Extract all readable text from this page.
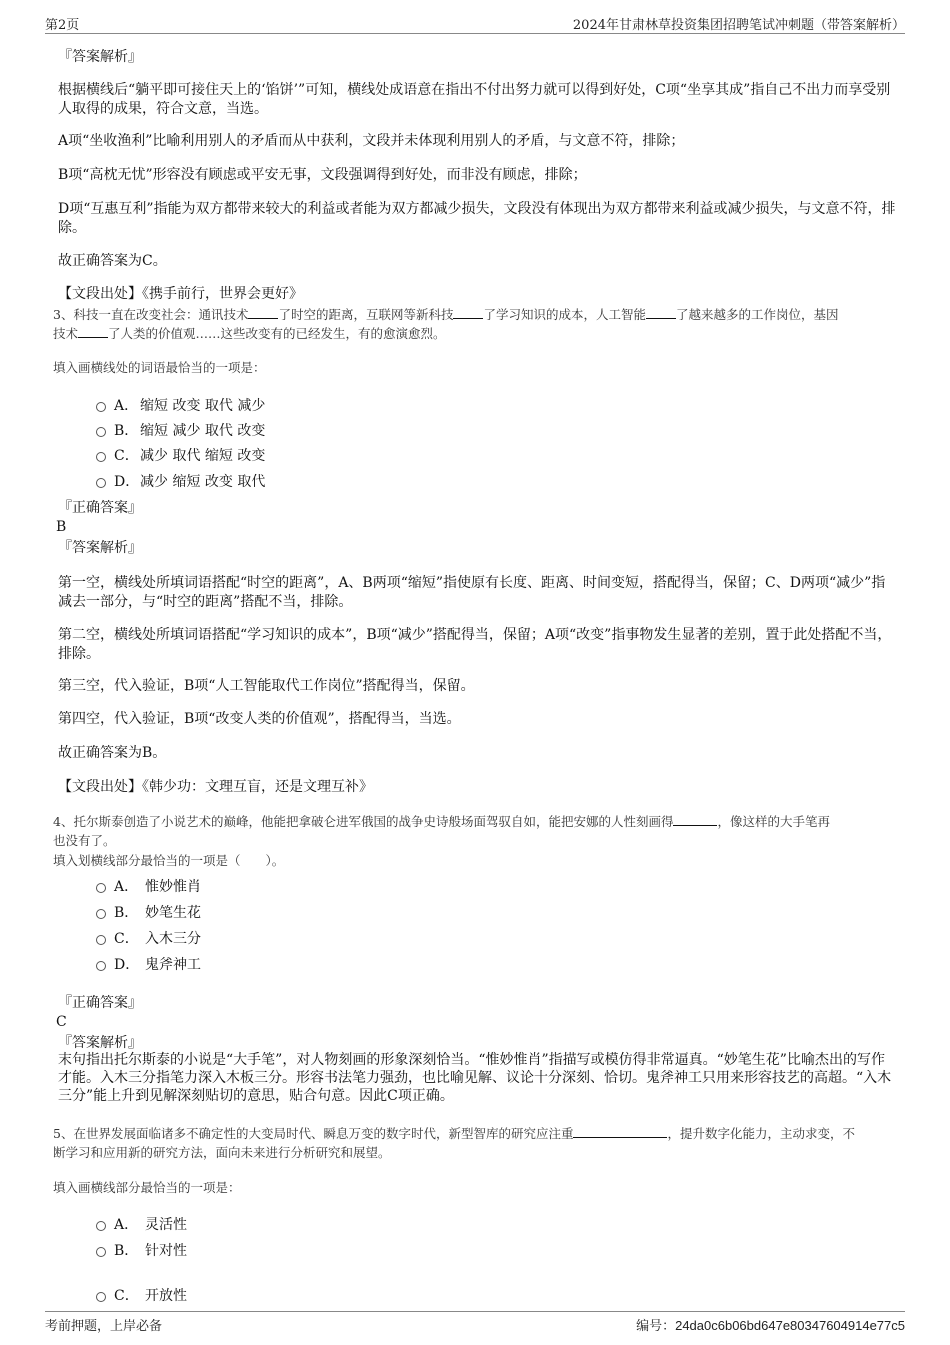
第2页	2024年甘肃林草投资集团招聘笔试冲刺题（带答案解析）
『答案解析』
根据横线后“躺平即可接住天上的‘馅饼’”可知，横线处成语意在指出不付出努力就可以得到好处，C项“坐享其成”指自己不出力而享受别人取得的成果，符合文意，当选。
A项“坐收渔利”比喻利用别人的矛盾而从中获利，文段并未体现利用别人的矛盾，与文意不符，排除；
B项“高枕无忧”形容没有顾虑或平安无事，文段强调得到好处，而非没有顾虑，排除；
D项“互惠互利”指能为双方都带来较大的利益或者能为双方都减少损失，文段没有体现出为双方都带来利益或减少损失，与文意不符，排除。
故正确答案为C。
【文段出处】《携手前行，世界会更好》
3、科技一直在改变社会：通讯技术 了时空的距离，互联网等新科技 了学习知识的成本，人工智能 了越来越多的工作岗位，基因
技术 了人类的价值观……这些改变有的已经发生，有的愈演愈烈。
填入画横线处的词语最恰当的一项是：
A． 缩短 改变 取代 减少
B． 缩短 减少 取代 改变
C． 减少 取代 缩短 改变
D． 减少 缩短 改变 取代
『正确答案』
B
『答案解析』
第一空，横线处所填词语搭配“时空的距离”，A、B两项“缩短”指使原有长度、距离、时间变短，搭配得当，保留；C、D两项“减少”指减去一部分，与“时空的距离”搭配不当，排除。
第二空，横线处所填词语搭配“学习知识的成本”，B项“减少”搭配得当，保留；A项“改变”指事物发生显著的差别，置于此处搭配不当，排除。
第三空，代入验证，B项“人工智能取代工作岗位”搭配得当，保留。
第四空，代入验证，B项“改变人类的价值观”，搭配得当，当选。
故正确答案为B。
【文段出处】《韩少功：文理互盲，还是文理互补》
4、托尔斯泰创造了小说艺术的巅峰，他能把拿破仑进军俄国的战争史诗般场面驾驭自如，能把安娜的人性刻画得	，像这样的大手笔再
也没有了。
填入划横线部分最恰当的一项是（　　）。
A． 惟妙惟肖
B． 妙笔生花
C． 入木三分
D． 鬼斧神工
『正确答案』
C
『答案解析』
末句指出托尔斯泰的小说是“大手笔”，对人物刻画的形象深刻恰当。“惟妙惟肖”指描写或模仿得非常逼真。“妙笔生花”比喻杰出的写作才能。入木三分指笔力深入木板三分。形容书法笔力强劲，也比喻见解、议论十分深刻、恰切。鬼斧神工只用来形容技艺的高超。“入木三分”能上升到见解深刻贴切的意思，贴合句意。因此C项正确。
5、在世界发展面临诸多不确定性的大变局时代、瞬息万变的数字时代，新型智库的研究应注重	，提升数字化能力，主动求变，不
断学习和应用新的研究方法，面向未来进行分析研究和展望。
填入画横线部分最恰当的一项是：
A． 灵活性
B． 针对性
C． 开放性
考前押题，上岸必备	编号：24da0c6b06bd647e80347604914e77c5
